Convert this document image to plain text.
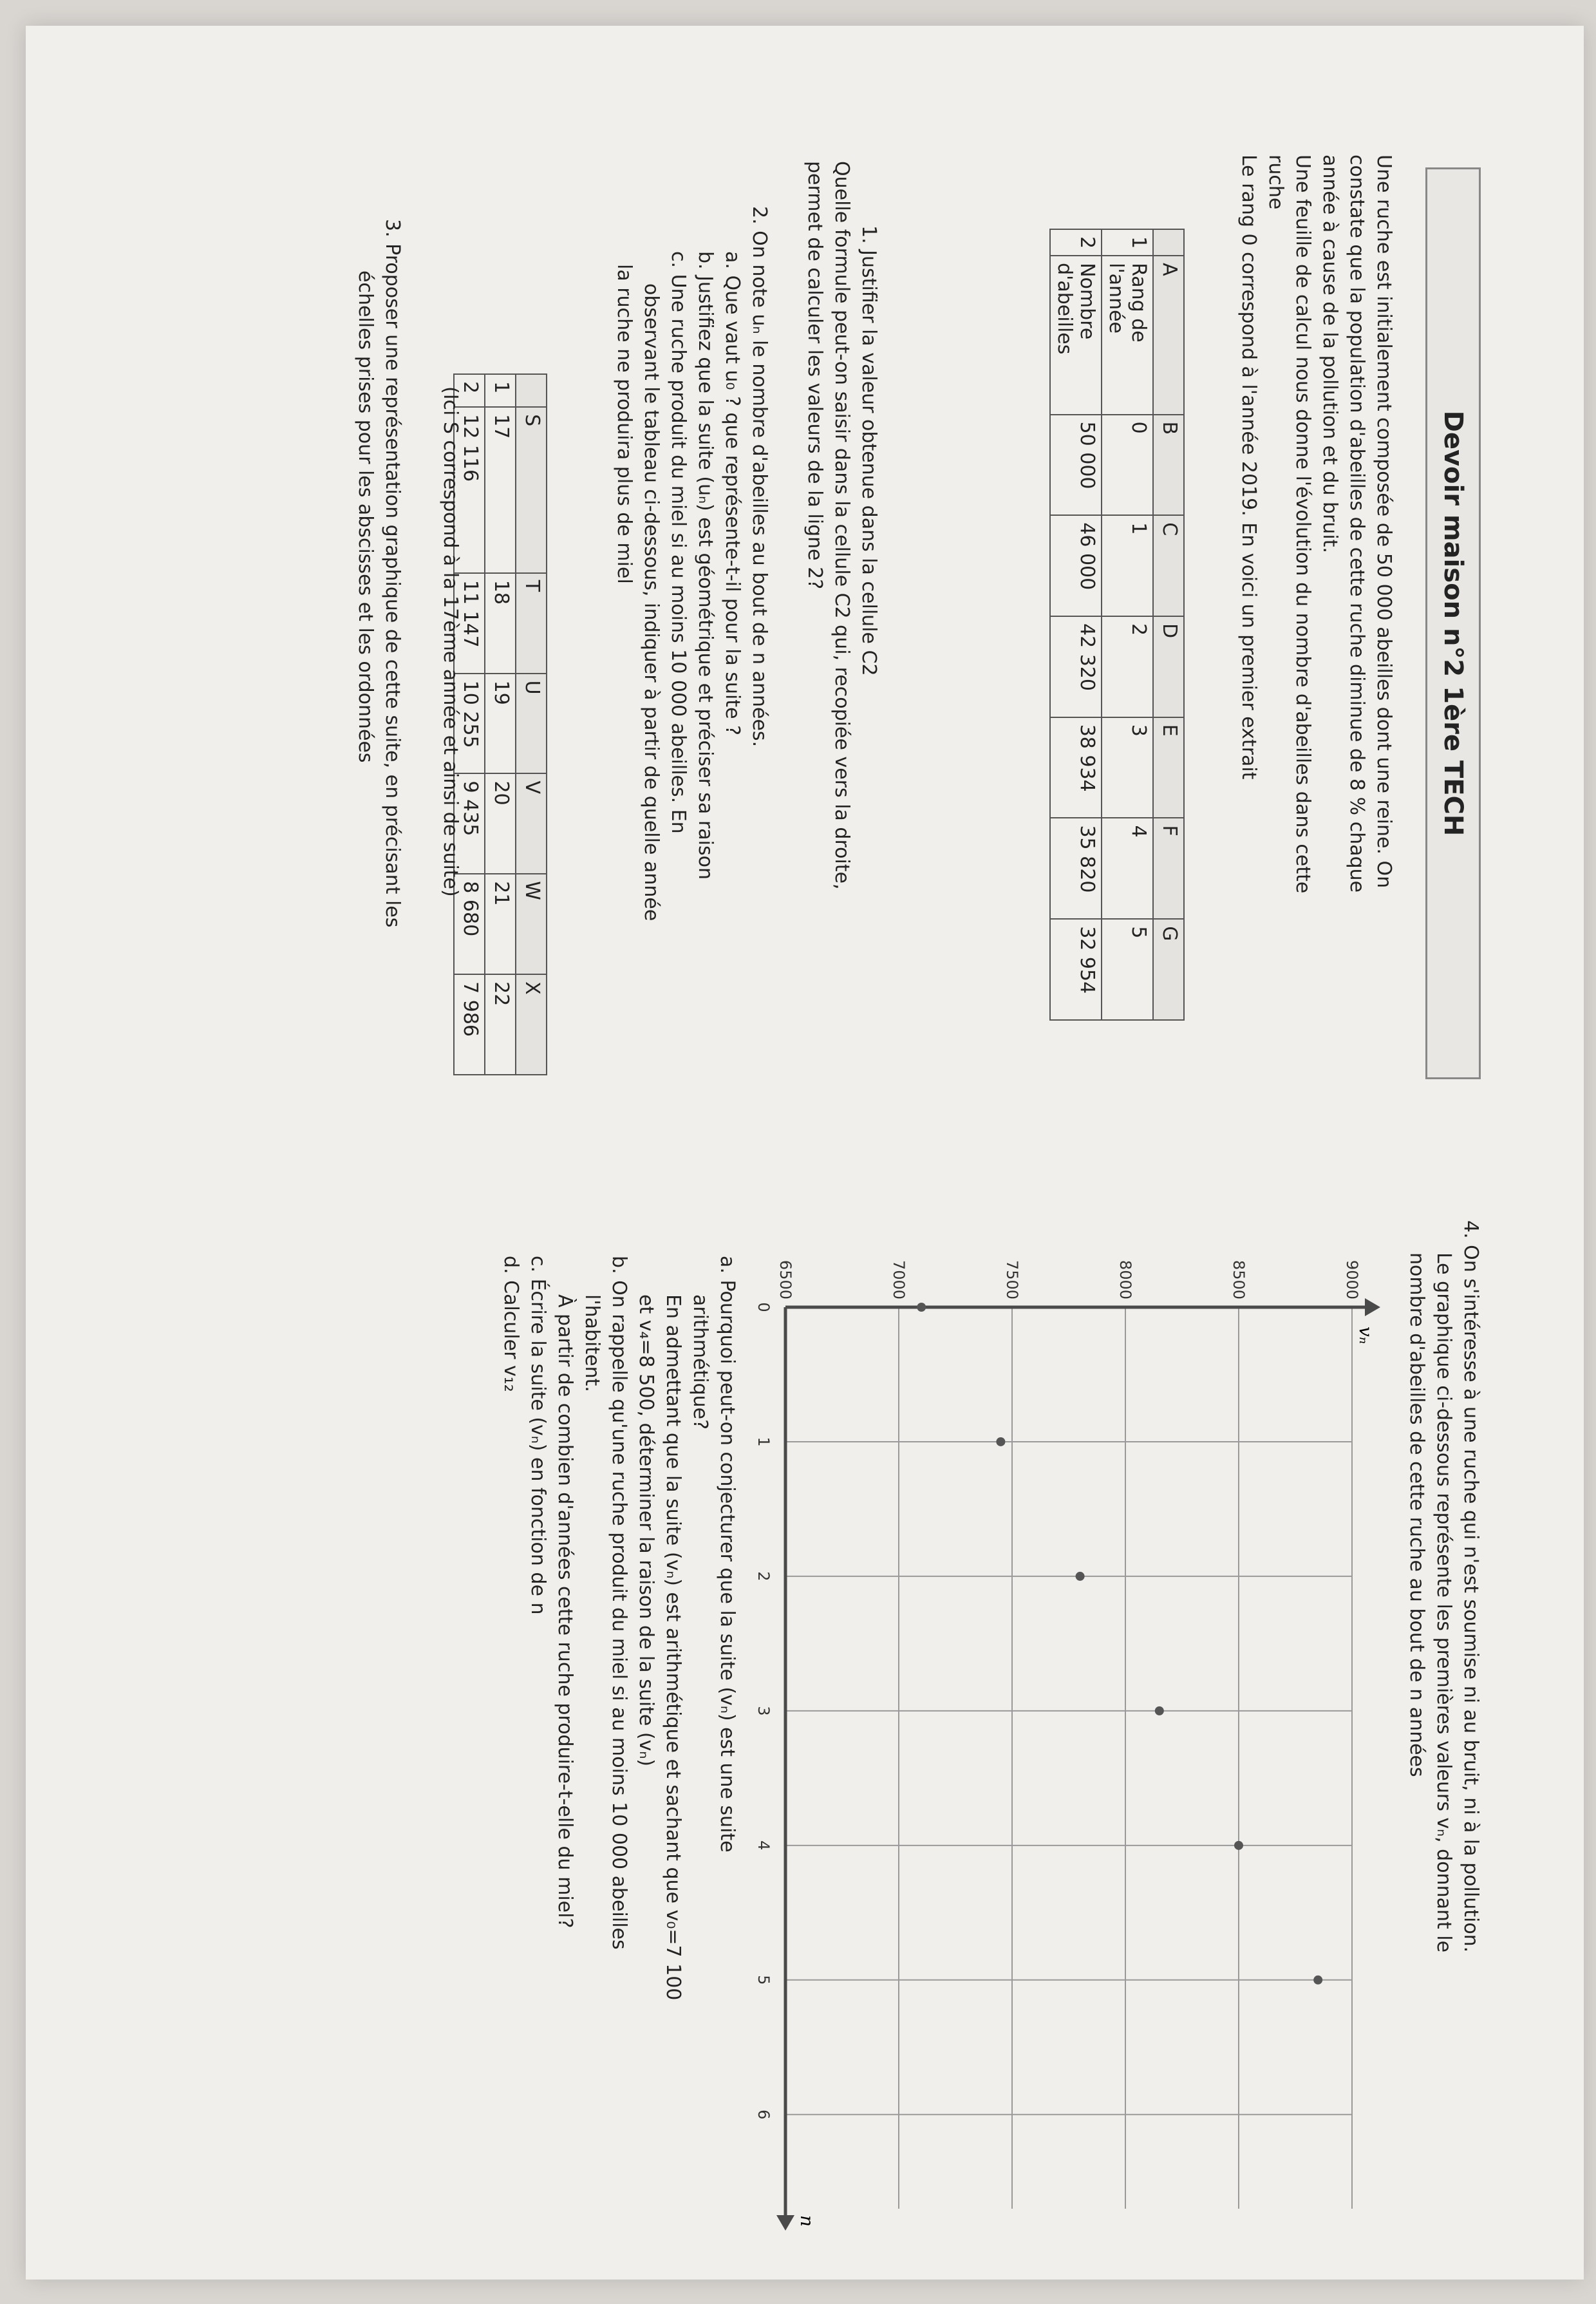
Devoir maison n°2 1ère TECH
Une ruche est initialement composée de 50 000 abeilles dont une reine. On
constate que la population d'abeilles de cette ruche diminue de 8 % chaque
année à cause de la pollution et du bruit.
Une feuille de calcul nous donne l'évolution du nombre d'abeilles dans cette
ruche
Le rang 0 correspond à l'année 2019. En voici un premier extrait
	A	B	C	D	E	F	G
1	Rang de l'année	0	1	2	3	4	5
2	Nombre d'abeilles	50 000	46 000	42 320	38 934	35 820	32 954
1. Justifier la valeur obtenue dans la cellule C2
Quelle formule peut-on saisir dans la cellule C2 qui, recopiée vers la droite,
permet de calculer les valeurs de la ligne 2?
2. On note uₙ le nombre d'abeilles au bout de n années.
a. Que vaut u₀ ? que représente-t-il pour la suite ?
b. Justifiez que la suite (uₙ) est géométrique et préciser sa raison
c. Une ruche produit du miel si au moins 10 000 abeilles. En
observant le tableau ci-dessous, indiquer à partir de quelle année
la ruche ne produira plus de miel
	S	T	U	V	W	X
1	17	18	19	20	21	22
2	12 116	11 147	10 255	9 435	8 680	7 986
(Ici S correspond à la 17ème année et ainsi de suite)
3. Proposer une représentation graphique de cette suite, en précisant les
échelles prises pour les abscisses et les ordonnées
4. On s'intéresse à une ruche qui n'est soumise ni au bruit, ni à la pollution.
Le graphique ci-dessous représente les premières valeurs vₙ, donnant le
nombre d'abeilles de cette ruche au bout de n années
0
1
2
3
4
5
6
6500	7000	7500	8000	8500	9000
vₙ
n
a. Pourquoi peut-on conjecturer que la suite (vₙ) est une suite
arithmétique?
En admettant que la suite (vₙ) est arithmétique et sachant que v₀=7 100
et v₄=8 500, déterminer la raison de la suite (vₙ)
b. On rappelle qu'une ruche produit du miel si au moins 10 000 abeilles
l'habitent.
À partir de combien d'années cette ruche produire-t-elle du miel?
c. Écrire la suite (vₙ) en fonction de n
d. Calculer v₁₂
